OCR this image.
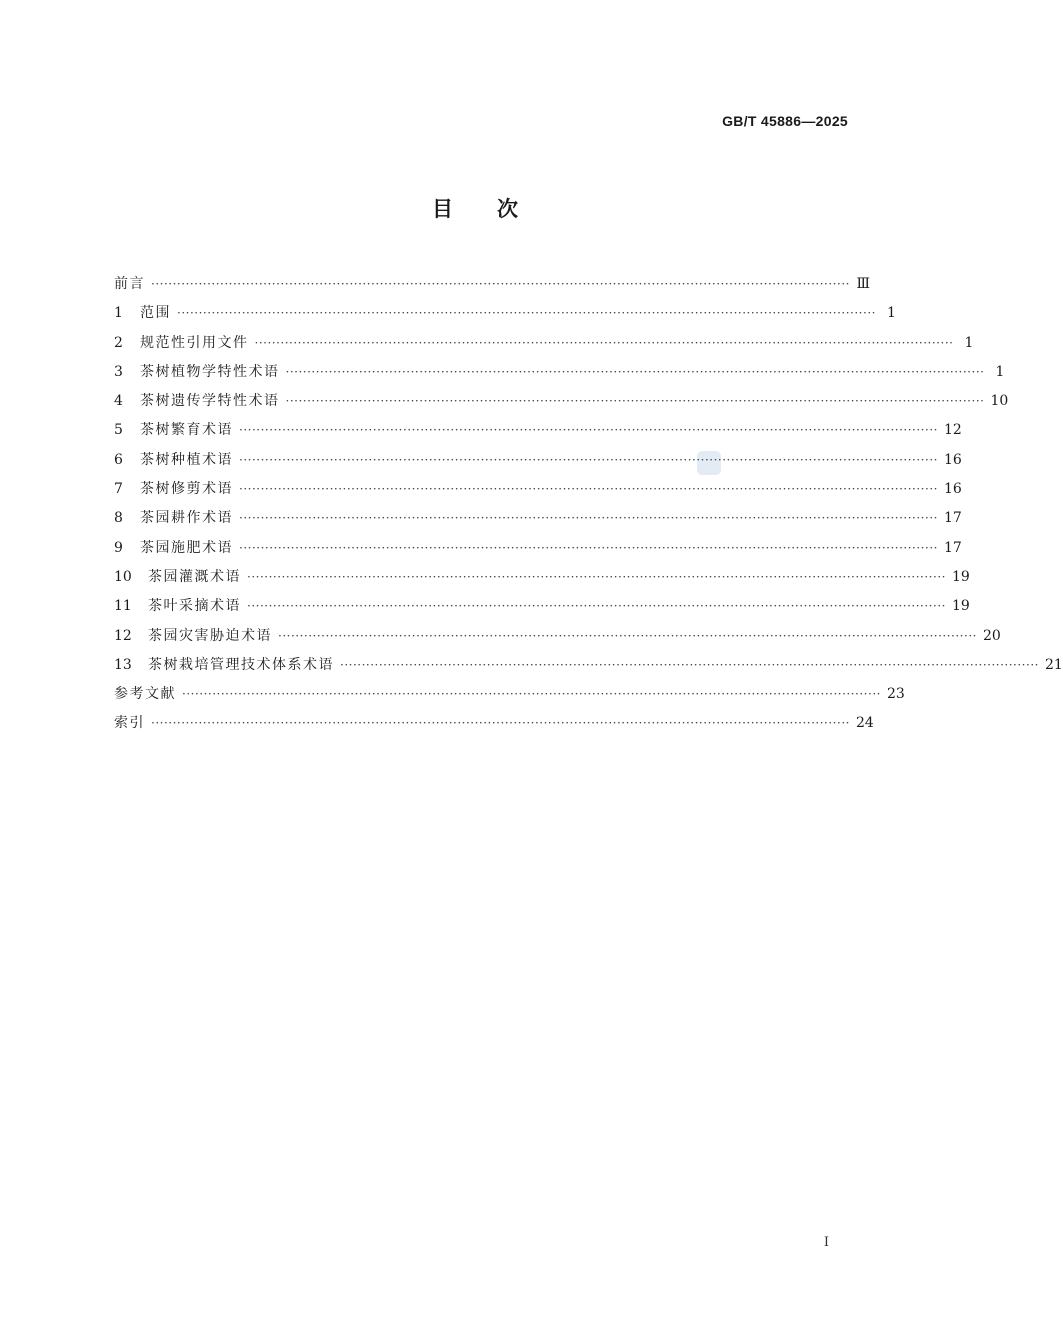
GB/T 45886—2025
目次
前言 ·································································································································································· Ⅲ
1	范围 ·································································································································································· 1
2	规范性引用文件 ·································································································································································· 1
3	茶树植物学特性术语 ·································································································································································· 1
4	茶树遗传学特性术语 ·································································································································································· 10
5	茶树繁育术语 ·································································································································································· 12
6	茶树种植术语 ·································································································································································· 16
7	茶树修剪术语 ·································································································································································· 16
8	茶园耕作术语 ·································································································································································· 17
9	茶园施肥术语 ·································································································································································· 17
10	茶园灌溉术语 ·································································································································································· 19
11	茶叶采摘术语 ·································································································································································· 19
12	茶园灾害胁迫术语 ·································································································································································· 20
13	茶树栽培管理技术体系术语 ·································································································································································· 21
参考文献 ·································································································································································· 23
索引 ·································································································································································· 24
I
